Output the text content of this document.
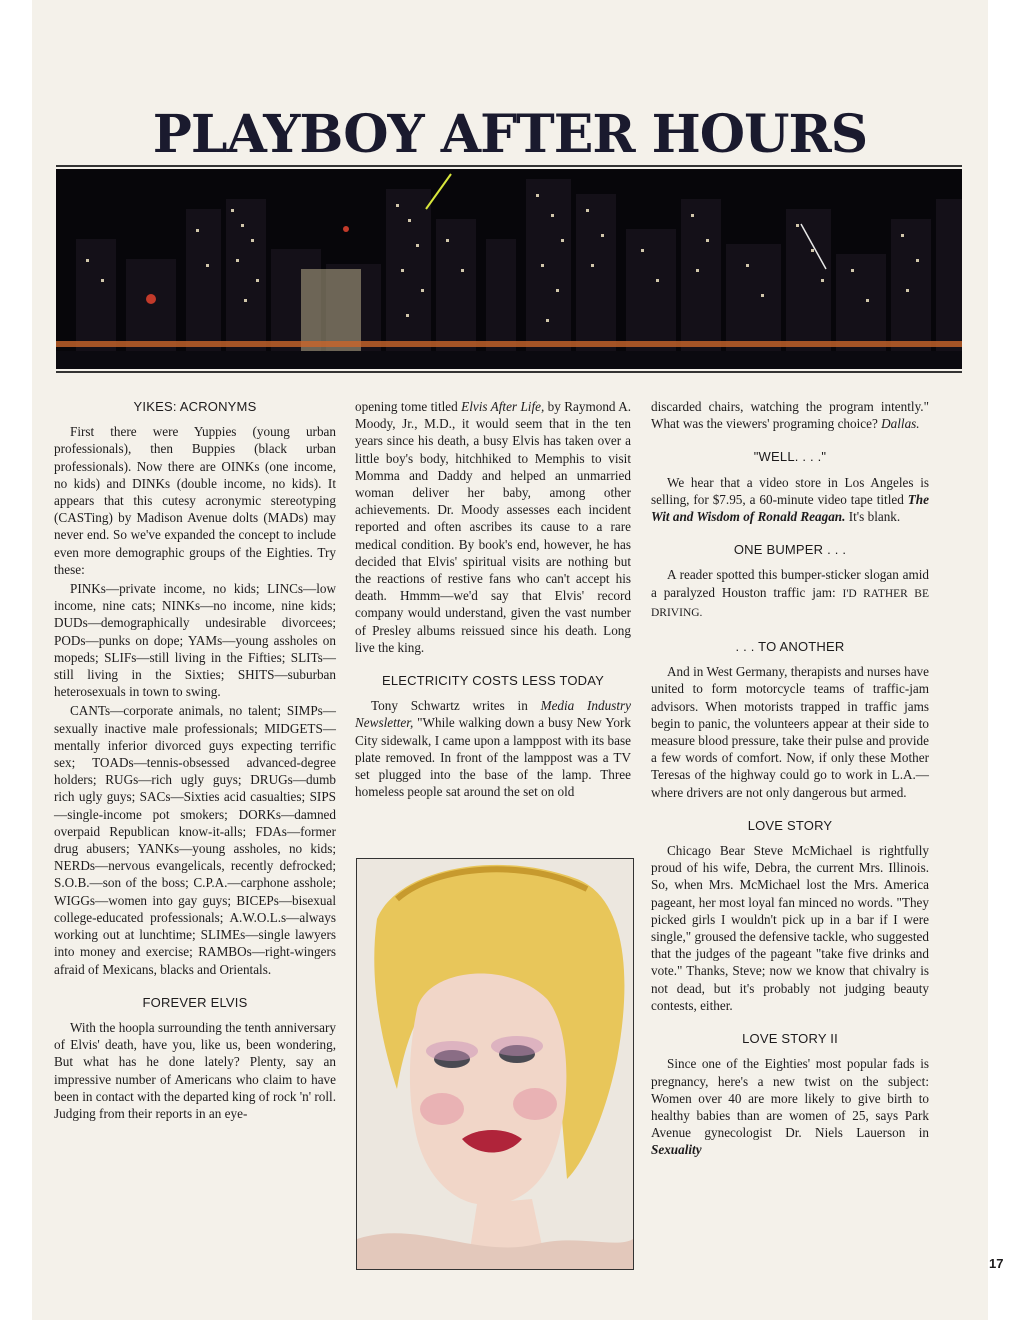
PLAYBOY AFTER HOURS
YIKES: ACRONYMS

First there were Yuppies (young urban professionals), then Buppies (black urban professionals). Now there are OINKs (one income, no kids) and DINKs (double income, no kids). It appears that this cutesy acronymic stereotyping (CASTing) by Madison Avenue dolts (MADs) may never end. So we've expanded the concept to include even more demographic groups of the Eighties. Try these:

PINKs—private income, no kids; LINCs—low income, nine cats; NINKs—no income, nine kids; DUDs—demographically undesirable divorcees; PODs—punks on dope; YAMs—young assholes on mopeds; SLIFs—still living in the Fifties; SLITs—still living in the Sixties; SHITS—suburban heterosexuals in town to swing.

CANTs—corporate animals, no talent; SIMPs—sexually inactive male professionals; MIDGETS—mentally inferior divorced guys expecting terrific sex; TOADs—tennis-obsessed advanced-degree holders; RUGs—rich ugly guys; DRUGs—dumb rich ugly guys; SACs—Sixties acid casualties; SIPS—single-income pot smokers; DORKs—damned overpaid Republican know-it-alls; FDAs—former drug abusers; YANKs—young assholes, no kids; NERDs—nervous evangelicals, recently defrocked; S.O.B.—son of the boss; C.P.A.—carphone asshole; WIGGs—women into gay guys; BICEPs—bisexual college-educated professionals; A.W.O.L.s—always working out at lunchtime; SLIMEs—single lawyers into money and exercise; RAMBOs—right-wingers afraid of Mexicans, blacks and Orientals.

FOREVER ELVIS

With the hoopla surrounding the tenth anniversary of Elvis' death, have you, like us, been wondering, But what has he done lately? Plenty, say an impressive number of Americans who claim to have been in contact with the departed king of rock 'n' roll. Judging from their reports in an eye-

opening tome titled Elvis After Life, by Raymond A. Moody, Jr., M.D., it would seem that in the ten years since his death, a busy Elvis has taken over a little boy's body, hitchhiked to Memphis to visit Momma and Daddy and helped an unmarried woman deliver her baby, among other achievements. Dr. Moody assesses each incident reported and often ascribes its cause to a rare medical condition. By book's end, however, he has decided that Elvis' spiritual visits are nothing but the reactions of restive fans who can't accept his death. Hmmm—we'd say that Elvis' record company would understand, given the vast number of Presley albums reissued since his death. Long live the king.

ELECTRICITY COSTS LESS TODAY

Tony Schwartz writes in Media Industry Newsletter, "While walking down a busy New York City sidewalk, I came upon a lamppost with its base plate removed. In front of the lamppost was a TV set plugged into the base of the lamp. Three homeless people sat around the set on old

discarded chairs, watching the program intently." What was the viewers' programing choice? Dallas.

"WELL. . . ."

We hear that a video store in Los Angeles is selling, for $7.95, a 60-minute video tape titled The Wit and Wisdom of Ronald Reagan. It's blank.

ONE BUMPER . . .

A reader spotted this bumper-sticker slogan amid a paralyzed Houston traffic jam: I'D RATHER BE DRIVING.

. . . TO ANOTHER

And in West Germany, therapists and nurses have united to form motorcycle teams of traffic-jam advisors. When motorists trapped in traffic jams begin to panic, the volunteers appear at their side to measure blood pressure, take their pulse and provide a few words of comfort. Now, if only these Mother Teresas of the highway could go to work in L.A.—where drivers are not only dangerous but armed.

LOVE STORY

Chicago Bear Steve McMichael is rightfully proud of his wife, Debra, the current Mrs. Illinois. So, when Mrs. McMichael lost the Mrs. America pageant, her most loyal fan minced no words. "They picked girls I wouldn't pick up in a bar if I were single," groused the defensive tackle, who suggested that the judges of the pageant "take five drinks and vote." Thanks, Steve; now we know that chivalry is not dead, but it's probably not judging beauty contests, either.

LOVE STORY II

Since one of the Eighties' most popular fads is pregnancy, here's a new twist on the subject: Women over 40 are more likely to give birth to healthy babies than are women of 25, says Park Avenue gynecologist Dr. Niels Lauerson in Sexuality

17
